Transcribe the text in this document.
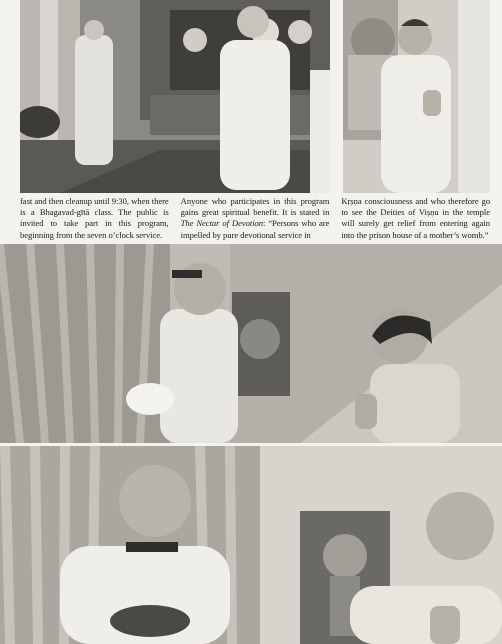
fast and then cleanup until 9:30, when there is a Bhagavad-gītā class. The public is invited to take part in this program, beginning from the seven o’clock service.

Anyone who participates in this program gains great spiritual benefit. It is stated in The Nectar of Devotion: “Persons who are impelled by pure devotional service in

Kṛṣṇa consciousness and who therefore go to see the Deities of Viṣṇu in the temple will surely get relief from entering again into the prison house of a mother’s womb.”
